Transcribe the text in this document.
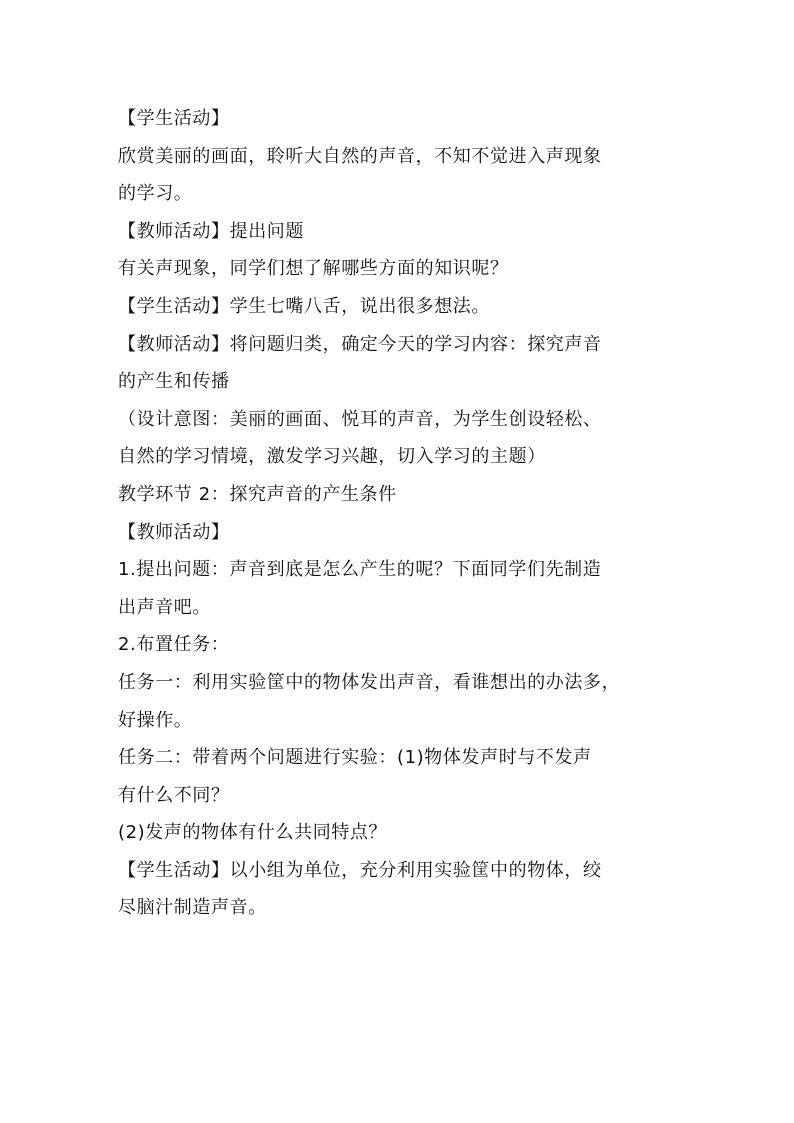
【学生活动】
欣赏美丽的画面，聆听大自然的声音，不知不觉进入声现象
的学习。
【教师活动】提出问题
有关声现象，同学们想了解哪些方面的知识呢？
【学生活动】学生七嘴八舌，说出很多想法。
【教师活动】将问题归类，确定今天的学习内容：探究声音
的产生和传播
（设计意图：美丽的画面、悦耳的声音，为学生创设轻松、
自然的学习情境，激发学习兴趣，切入学习的主题）
教学环节 2：探究声音的产生条件
【教师活动】
1.提出问题：声音到底是怎么产生的呢？下面同学们先制造
出声音吧。
2.布置任务：
任务一：利用实验筐中的物体发出声音，看谁想出的办法多，
好操作。
任务二：带着两个问题进行实验：(1)物体发声时与不发声
有什么不同？
(2)发声的物体有什么共同特点？
【学生活动】以小组为单位，充分利用实验筐中的物体，绞
尽脑汁制造声音。
